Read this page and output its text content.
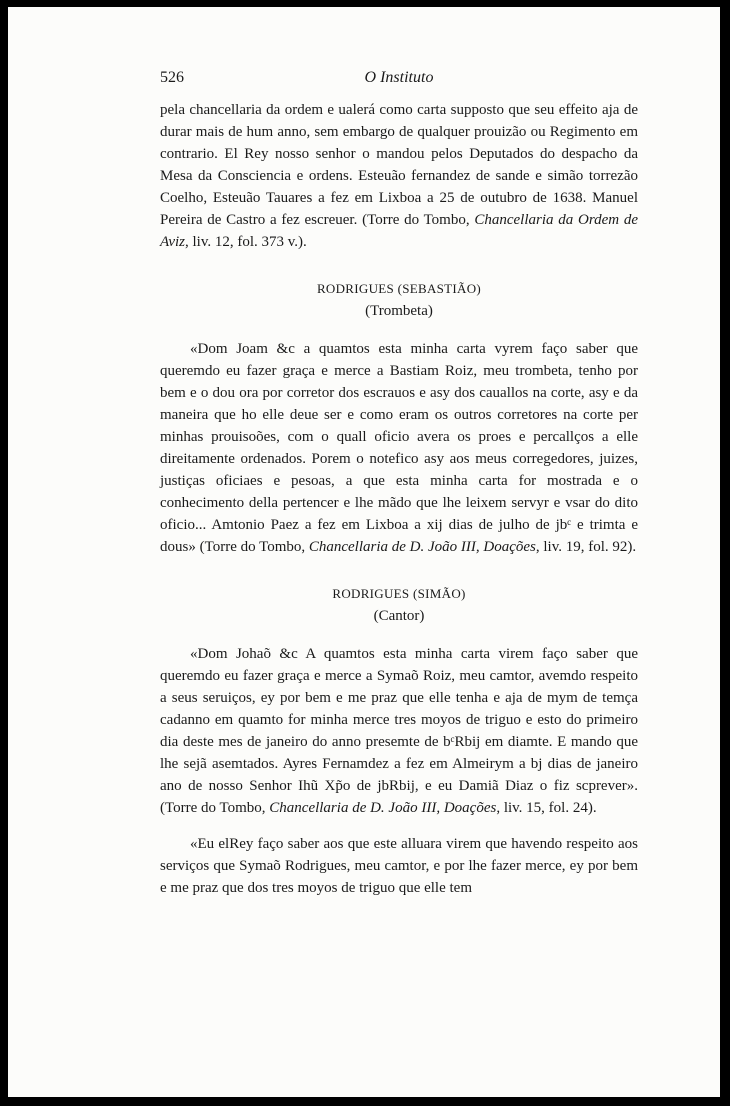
526	O Instituto

pela chancellaria da ordem e ualerá como carta supposto que seu effeito aja de durar mais de hum anno, sem embargo de qualquer prouizão ou Regimento em contrario. El Rey nosso senhor o mandou pelos Deputados do despacho da Mesa da Consciencia e ordens. Esteuão fernandez de sande e simão torrezão Coelho, Esteuão Tauares a fez em Lixboa a 25 de outubro de 1638. Manuel Pereira de Castro a fez escreuer. (Torre do Tombo, Chancellaria da Ordem de Aviz, liv. 12, fol. 373 v.).

RODRIGUES (SEBASTIÃO)
(Trombeta)

«Dom Joam &c a quamtos esta minha carta vyrem faço saber que queremdo eu fazer graça e merce a Bastiam Roiz, meu trombeta, tenho por bem e o dou ora por corretor dos escrauos e asy dos cauallos na corte, asy e da maneira que ho elle deue ser e como eram os outros corretores na corte per minhas prouisoões, com o quall oficio avera os proes e percallços a elle direitamente ordenados. Porem o notefico asy aos meus corregedores, juizes, justiças oficiaes e pesoas, a que esta minha carta for mostrada e o conhecimento della pertencer e lhe mãdo que lhe leixem servyr e vsar do dito oficio... Amtonio Paez a fez em Lixboa a xij dias de julho de jbᶜ e trimta e dous» (Torre do Tombo, Chancellaria de D. João III, Doações, liv. 19, fol. 92).

RODRIGUES (SIMÃO)
(Cantor)

«Dom Johaõ &c A quamtos esta minha carta virem faço saber que queremdo eu fazer graça e merce a Symaõ Roiz, meu camtor, avemdo respeito a seus seruiços, ey por bem e me praz que elle tenha e aja de mym de temça cadanno em quamto for minha merce tres moyos de triguo e esto do primeiro dia deste mes de janeiro do anno presemte de bᶜRbij em diamte. E mando que lhe sejã asemtados. Ayres Fernamdez a fez em Almeirym a bj dias de janeiro ano de nosso Senhor Ihũ Xp̃o de jbRbij, e eu Damiã Diaz o fiz scprever». (Torre do Tombo, Chancellaria de D. João III, Doações, liv. 15, fol. 24).

«Eu elRey faço saber aos que este alluara virem que havendo respeito aos serviços que Symaõ Rodrigues, meu camtor, e por lhe fazer merce, ey por bem e me praz que dos tres moyos de triguo que elle tem
